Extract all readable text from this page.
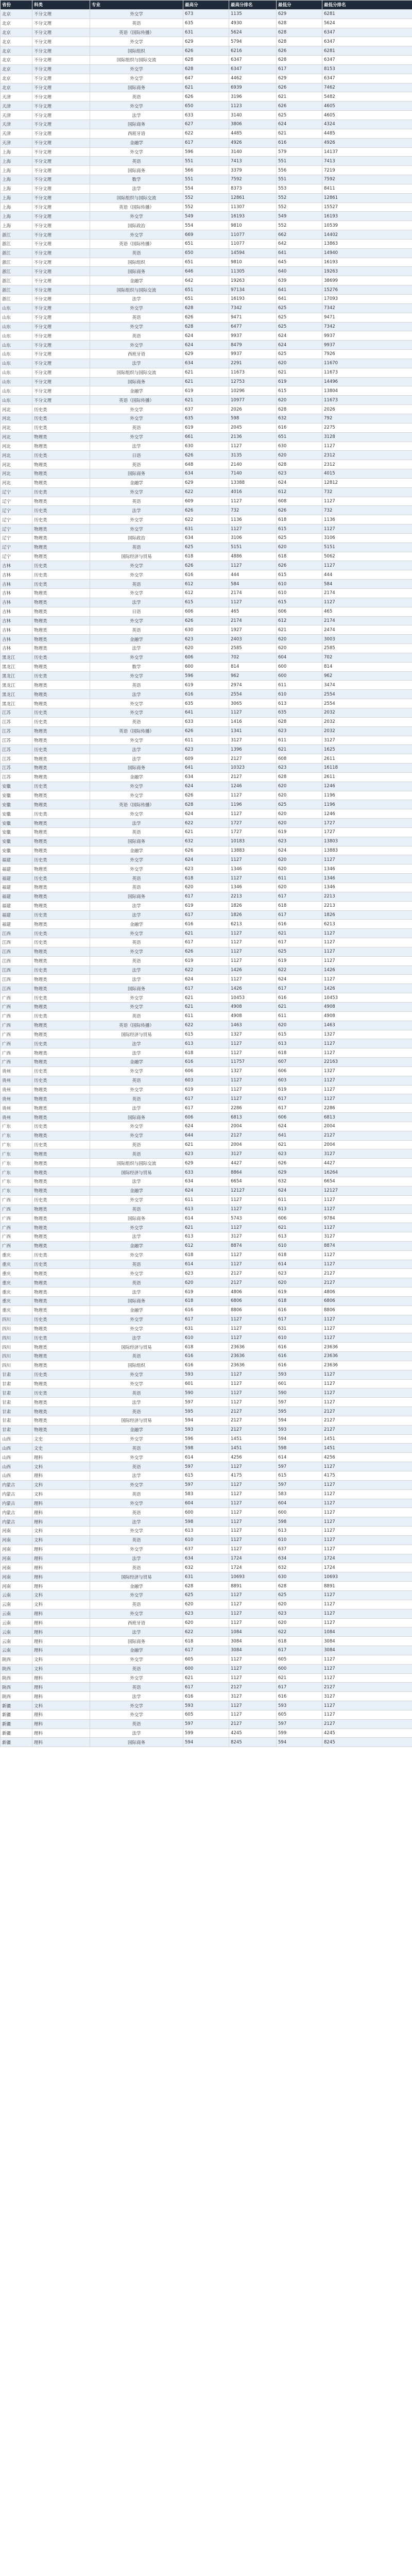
省份	科类	专业	最高分	最高分排名	最低分	最低分排名
北京	不分文理	外交学	673	1135	629	6281
北京	不分文理	英语	635	4930	628	5624
北京	不分文理	英语（国际传播）	631	5624	628	6347
北京	不分文理	外交学	629	5794	628	6347
北京	不分文理	国际组织	626	6216	626	6281
北京	不分文理	国际组织与国际交流	628	6347	628	6347
北京	不分文理	外交学	628	6347	617	8153
北京	不分文理	外交学	647	4462	629	6347
北京	不分文理	国际商务	621	6939	626	7462
天津	不分文理	英语	626	3196	621	5482
天津	不分文理	外交学	650	1123	626	4605
天津	不分文理	法学	633	3140	625	4605
天津	不分文理	国际商务	627	3806	624	4324
天津	不分文理	西班牙语	622	4485	621	4485
天津	不分文理	金融学	617	4926	616	4926
上海	不分文理	外交学	596	3140	579	14137
上海	不分文理	英语	551	7413	551	7413
上海	不分文理	国际商务	566	3379	556	7219
上海	不分文理	数学	551	7592	551	7592
上海	不分文理	法学	554	8373	553	8411
上海	不分文理	国际组织与国际交流	552	12861	552	12861
上海	不分文理	英语（国际传播）	552	11307	552	15527
上海	不分文理	外交学	549	16193	549	16193
上海	不分文理	国际政治	554	9810	552	10539
浙江	不分文理	外交学	669	11077	662	14402
浙江	不分文理	英语（国际传播）	651	11077	642	13863
浙江	不分文理	英语	650	14594	641	14940
浙江	不分文理	国际组织	651	9810	645	16193
浙江	不分文理	国际商务	646	11305	640	19263
浙江	不分文理	金融学	642	19263	639	38699
浙江	不分文理	国际组织与国际交流	651	97134	641	15276
浙江	不分文理	法学	651	16193	641	17093
山东	不分文理	外交学	628	7342	625	7342
山东	不分文理	英语	626	9471	625	9471
山东	不分文理	外交学	628	6477	625	7342
山东	不分文理	英语	624	9937	624	9937
山东	不分文理	外交学	624	8479	624	9937
山东	不分文理	西班牙语	629	9937	625	7926
山东	不分文理	法学	634	2291	620	11670
山东	不分文理	国际组织与国际交流	621	11673	621	11673
山东	不分文理	国际商务	621	12753	619	14496
山东	不分文理	金融学	619	10296	615	13804
山东	不分文理	英语（国际传播）	621	10977	620	11673
河北	历史类	外交学	637	2026	628	2026
河北	历史类	外交学	635	598	632	792
河北	历史类	英语	619	2045	616	2275
河北	物理类	外交学	661	2136	651	3128
河北	物理类	法学	630	1127	630	1127
河北	历史类	日语	626	3135	620	2312
河北	物理类	英语	648	2140	628	2312
河北	物理类	国际商务	634	7140	623	4015
河北	物理类	金融学	629	13388	624	12812
辽宁	历史类	外交学	622	4016	612	732
辽宁	物理类	英语	609	1127	608	1127
辽宁	历史类	法学	626	732	626	732
辽宁	历史类	外交学	622	1136	618	1136
辽宁	物理类	外交学	631	1127	615	1127
辽宁	物理类	国际政治	634	3106	625	3106
辽宁	物理类	英语	625	5151	620	5151
辽宁	物理类	国际经济与贸易	618	4886	618	5062
吉林	历史类	外交学	626	1127	626	1127
吉林	历史类	外交学	616	444	615	444
吉林	历史类	英语	612	584	610	584
吉林	物理类	外交学	612	2174	610	2174
吉林	物理类	法学	615	1127	615	1127
吉林	物理类	日语	606	465	606	465
吉林	物理类	外交学	626	2174	612	2174
吉林	物理类	英语	630	1927	621	2474
吉林	物理类	金融学	623	2403	620	3003
吉林	物理类	法学	620	2585	620	2585
黑龙江	历史类	外交学	606	702	604	702
黑龙江	物理类	数学	600	814	600	814
黑龙江	历史类	外交学	596	962	600	962
黑龙江	物理类	英语	619	2974	611	3474
黑龙江	物理类	法学	616	2554	610	2554
黑龙江	物理类	外交学	635	3065	613	2554
江苏	历史类	外交学	641	1127	635	2032
江苏	历史类	英语	633	1416	628	2032
江苏	物理类	英语（国际传播）	626	1341	623	2032
江苏	物理类	外交学	611	3127	611	3127
江苏	历史类	法学	623	1396	621	1625
江苏	物理类	法学	609	2127	608	2611
江苏	物理类	国际商务	641	10323	623	16118
江苏	物理类	金融学	634	2127	628	2611
安徽	历史类	外交学	624	1246	620	1246
安徽	物理类	外交学	626	1127	620	1196
安徽	物理类	英语（国际传播）	628	1196	625	1196
安徽	历史类	外交学	624	1127	620	1246
安徽	物理类	法学	622	1727	620	1727
安徽	物理类	英语	621	1727	619	1727
安徽	物理类	国际商务	632	10183	623	13803
安徽	物理类	金融学	626	13883	624	13883
福建	历史类	外交学	624	1127	620	1127
福建	物理类	外交学	623	1346	620	1346
福建	历史类	英语	618	1127	611	1346
福建	物理类	英语	620	1346	620	1346
福建	物理类	国际商务	617	2213	617	2213
福建	物理类	法学	619	1826	618	2213
福建	历史类	法学	617	1826	617	1826
福建	物理类	金融学	616	6213	616	6213
江西	历史类	外交学	621	1127	621	1127
江西	历史类	英语	617	1127	617	1127
江西	物理类	外交学	626	1127	625	1127
江西	物理类	英语	619	1127	619	1127
江西	历史类	法学	622	1426	622	1426
江西	物理类	法学	624	1127	624	1127
江西	物理类	国际商务	617	1426	617	1426
广西	历史类	外交学	621	10453	616	10453
广西	物理类	外交学	621	4908	621	4908
广西	历史类	英语	611	4908	611	4908
广西	物理类	英语（国际传播）	622	1463	620	1463
广西	物理类	国际经济与贸易	615	1327	615	1327
广西	历史类	法学	613	1127	613	1127
广西	物理类	法学	618	1127	618	1127
广西	物理类	金融学	616	11757	607	22163
贵州	历史类	外交学	606	1327	606	1327
贵州	历史类	英语	603	1127	603	1127
贵州	物理类	外交学	619	1127	619	1127
贵州	物理类	英语	617	1127	617	1127
贵州	物理类	法学	617	2286	617	2286
贵州	物理类	国际商务	606	6813	606	6813
广东	历史类	外交学	624	2004	624	2004
广东	物理类	外交学	644	2127	641	2127
广东	历史类	英语	621	2004	621	2004
广东	物理类	英语	623	3127	623	3127
广东	物理类	国际组织与国际交流	629	4427	626	4427
广东	物理类	国际经济与贸易	633	8864	629	16264
广东	物理类	法学	634	6654	632	6654
广东	物理类	金融学	624	12127	624	12127
广西	历史类	外交学	611	1127	611	1127
广西	物理类	英语	613	1127	613	1127
广西	物理类	国际商务	614	5743	606	9784
广西	物理类	外交学	621	1127	621	1127
广西	物理类	法学	613	3127	613	3127
广西	物理类	金融学	612	8874	610	8874
重庆	历史类	外交学	618	1127	618	1127
重庆	历史类	英语	614	1127	614	1127
重庆	物理类	外交学	623	2127	623	2127
重庆	物理类	英语	620	2127	620	2127
重庆	物理类	法学	619	4806	619	4806
重庆	物理类	国际商务	618	6806	618	6806
重庆	物理类	金融学	616	8806	616	8806
四川	历史类	外交学	617	1127	617	1127
四川	物理类	外交学	631	1127	631	1127
四川	历史类	法学	610	1127	610	1127
四川	物理类	国际经济与贸易	618	23636	616	23636
四川	物理类	英语	616	23636	616	23636
四川	物理类	国际组织	616	23636	616	23636
甘肃	历史类	外交学	593	1127	593	1127
甘肃	物理类	外交学	601	1127	601	1127
甘肃	历史类	英语	590	1127	590	1127
甘肃	物理类	法学	597	1127	597	1127
甘肃	物理类	英语	595	2127	595	2127
甘肃	物理类	国际经济与贸易	594	2127	594	2127
甘肃	物理类	金融学	593	2127	593	2127
山西	文史	外交学	596	1451	594	1451
山西	文史	英语	598	1451	598	1451
山西	理科	外交学	614	4256	614	4256
山西	文科	英语	597	1127	597	1127
山西	理科	法学	615	4175	615	4175
内蒙古	文科	外交学	597	1127	597	1127
内蒙古	文科	英语	583	1127	583	1127
内蒙古	理科	外交学	604	1127	604	1127
内蒙古	理科	英语	600	1127	600	1127
内蒙古	理科	法学	598	1127	598	1127
河南	文科	外交学	613	1127	613	1127
河南	文科	英语	610	1127	610	1127
河南	理科	外交学	637	1127	637	1127
河南	理科	法学	634	1724	634	1724
河南	理科	英语	632	1724	632	1724
河南	理科	国际经济与贸易	631	10693	630	10693
河南	理科	金融学	628	8891	628	8891
云南	文科	外交学	625	1127	625	1127
云南	文科	英语	620	1127	620	1127
云南	理科	外交学	623	1127	623	1127
云南	理科	西班牙语	620	1127	620	1127
云南	理科	法学	622	1084	622	1084
云南	理科	国际商务	618	3084	618	3084
云南	理科	金融学	617	3084	617	3084
陕西	文科	外交学	605	1127	605	1127
陕西	文科	英语	600	1127	600	1127
陕西	理科	外交学	621	1127	621	1127
陕西	理科	英语	617	2127	617	2127
陕西	理科	法学	616	3127	616	3127
新疆	文科	外交学	593	1127	593	1127
新疆	理科	外交学	605	1127	605	1127
新疆	理科	英语	597	2127	597	2127
新疆	理科	法学	599	4245	599	4245
新疆	理科	国际商务	594	8245	594	8245
